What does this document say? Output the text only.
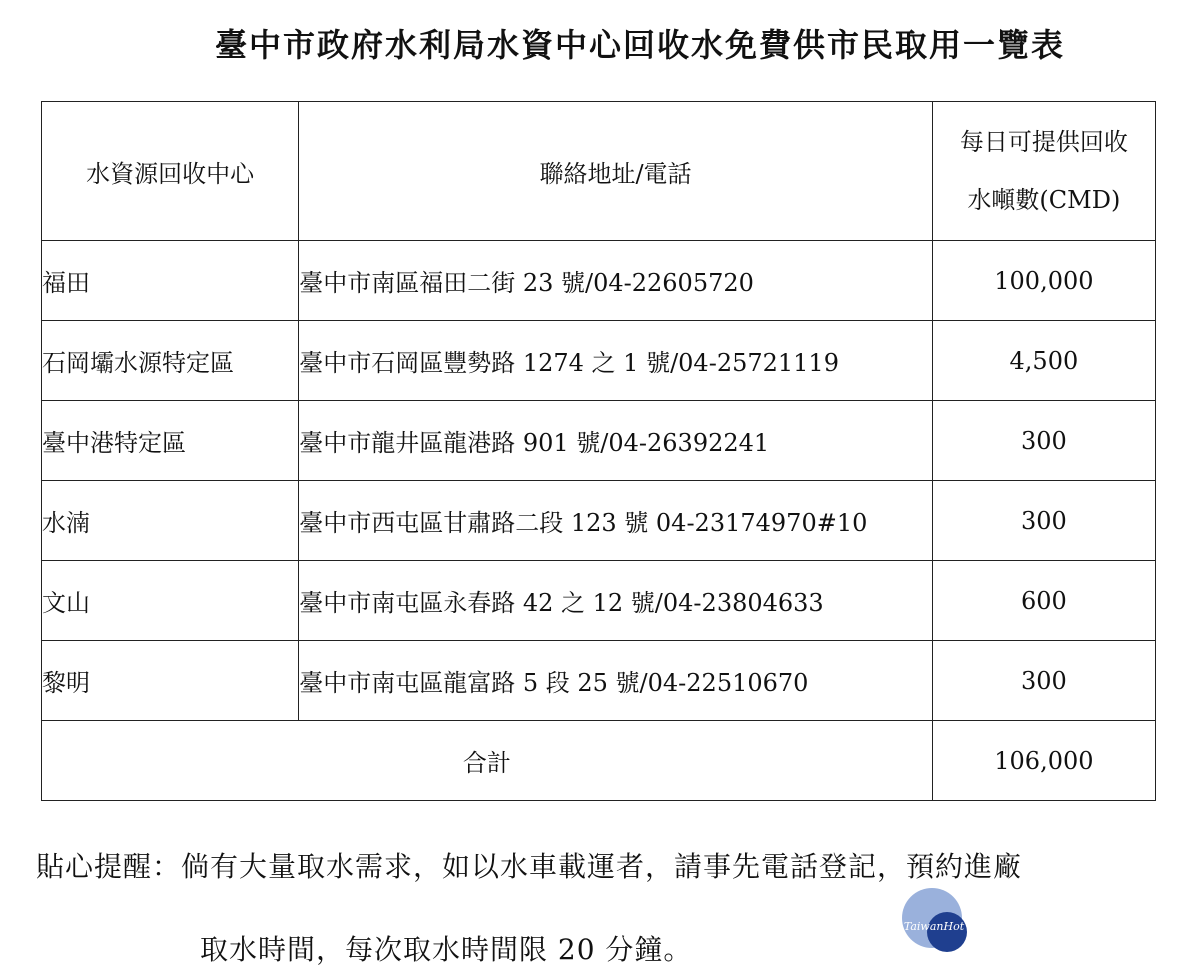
臺中市政府水利局水資中心回收水免費供市民取用一覽表
水資源回收中心	聯絡地址/電話	每日可提供回收
水噸數(CMD)

福田	臺中市南區福田二街 23 號/04-22605720	100,000
石岡壩水源特定區	臺中市石岡區豐勢路 1274 之 1 號/04-25721119	4,500
臺中港特定區	臺中市龍井區龍港路 901 號/04-26392241	300
水湳	臺中市西屯區甘肅路二段 123 號 04-23174970#10	300
文山	臺中市南屯區永春路 42 之 12 號/04-23804633	600
黎明	臺中市南屯區龍富路 5 段 25 號/04-22510670	300
合計		106,000
貼心提醒：倘有大量取水需求，如以水車載運者，請事先電話登記，預約進廠
取水時間，每次取水時間限 20 分鐘。
TaiwanHot
